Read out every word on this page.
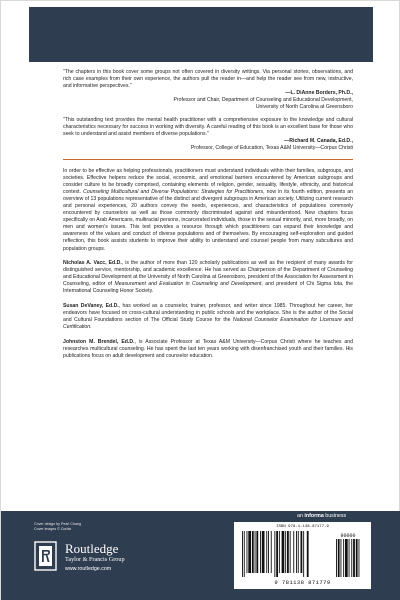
“The chapters in this book cover some groups not often covered in diversity writings. Via personal stories, observations, and rich case examples from their own experience, the authors pull the reader in—and help the reader see from new, instructive, and informative perspectives.”
—L. DiAnne Borders, Ph.D.,
Professor and Chair, Department of Counseling and Educational Development,
University of North Carolina at Greensboro
“This outstanding text provides the mental health practitioner with a comprehensive exposure to the knowledge and cultural characteristics necessary for success in working with diversity. A careful reading of this book is an excellent base for those who seek to understand and assist members of diverse populations.”
—Richard M. Canada, Ed.D.,
Professor, College of Education, Texas A&M University—Corpus Christi

In order to be effective as helping professionals, practitioners must understand individuals within their families, subgroups, and societies. Effective helpers reduce the social, economic, and emotional barriers encountered by American subgroups and consider culture to be broadly comprised, containing elements of religion, gender, sexuality, lifestyle, ethnicity, and historical context. Counseling Multicultural and Diverse Populations: Strategies for Practitioners, now in its fourth edition, presents an overview of 13 populations representative of the distinct and divergent subgroups in American society. Utilizing current research and personal experiences, 20 authors convey the needs, experiences, and characteristics of populations commonly encountered by counselors as well as those commonly discriminated against and misunderstood. New chapters focus specifically on Arab Americans, multiracial persons, incarcerated individuals, those in the sexual minority, and, more broadly, on men and women’s issues. This text provides a resource through which practitioners can expand their knowledge and awareness of the values and conduct of diverse populations and of themselves. By encouraging self-exploration and guided reflection, this book assists students to improve their ability to understand and counsel people from many subcultures and population groups.

Nicholas A. Vacc, Ed.D., is the author of more than 120 scholarly publications as well as the recipient of many awards for distinguished service, mentorship, and academic excellence. He has served as Chairperson of the Department of Counseling and Educational Development at the University of North Carolina at Greensboro, president of the Association for Assessment in Counseling, editor of Measurement and Evaluation in Counseling and Development, and president of Chi Sigma Iota, the International Counseling Honor Society.

Susan DeVaney, Ed.D., has worked as a counselor, trainer, professor, and writer since 1985. Throughout her career, her endeavors have focused on cross-cultural understanding in public schools and the workplace. She is the author of the Social and Cultural Foundations section of The Official Study Course for the National Counselor Examination for Licensure and Certification.

Johnston M. Brendel, Ed.D., is Associate Professor at Texas A&M University—Corpus Christi where he teaches and researches multicultural counseling. He has spent the last ten years working with disenfranchised youth and their families. His publications focus on adult development and counselor education.

Cover design by Pearl Chang
Cover images © Corbis
Routledge
Taylor & Francis Group
www.routledge.com
an informa business
ISBN 978-1-138-87177-9
90000
9 781138 871779
